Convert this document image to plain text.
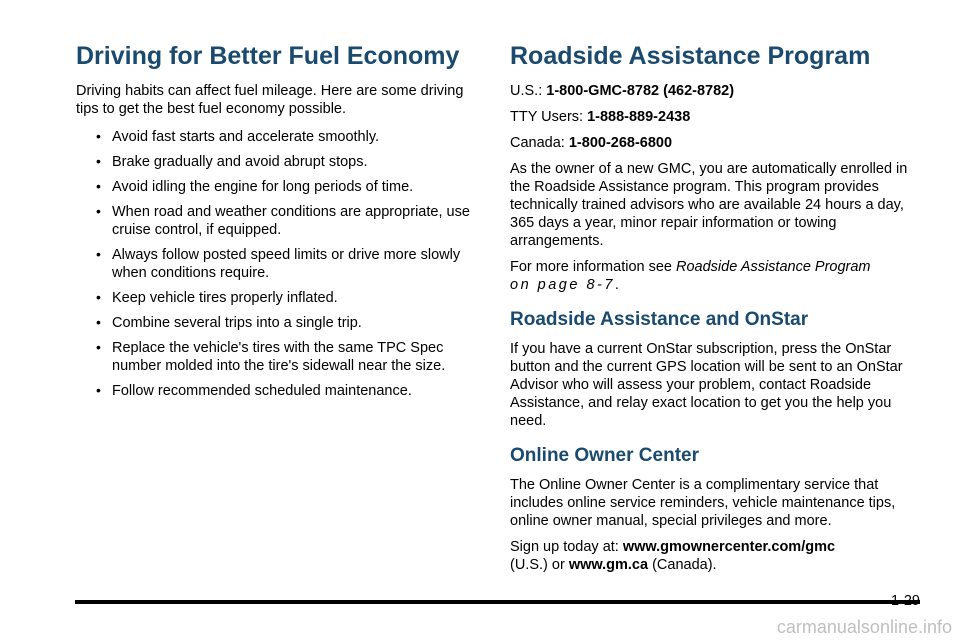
Driving for Better Fuel Economy

Driving habits can affect fuel mileage. Here are some driving tips to get the best fuel economy possible.

• Avoid fast starts and accelerate smoothly.
• Brake gradually and avoid abrupt stops.
• Avoid idling the engine for long periods of time.
• When road and weather conditions are appropriate, use cruise control, if equipped.
• Always follow posted speed limits or drive more slowly when conditions require.
• Keep vehicle tires properly inflated.
• Combine several trips into a single trip.
• Replace the vehicle's tires with the same TPC Spec number molded into the tire's sidewall near the size.
• Follow recommended scheduled maintenance.
Roadside Assistance Program
U.S.: 1-800-GMC-8782 (462-8782)
TTY Users: 1-888-889-2438
Canada: 1-800-268-6800

As the owner of a new GMC, you are automatically enrolled in the Roadside Assistance program. This program provides technically trained advisors who are available 24 hours a day, 365 days a year, minor repair information or towing arrangements.

For more information see Roadside Assistance Program
on page 8-7.

Roadside Assistance and OnStar

If you have a current OnStar subscription, press the OnStar button and the current GPS location will be sent to an OnStar Advisor who will assess your problem, contact Roadside Assistance, and relay exact location to get you the help you need.

Online Owner Center

The Online Owner Center is a complimentary service that includes online service reminders, vehicle maintenance tips, online owner manual, special privileges and more.

Sign up today at: www.gmownercenter.com/gmc
(U.S.) or www.gm.ca (Canada).

1-29
carmanualsonline.info
